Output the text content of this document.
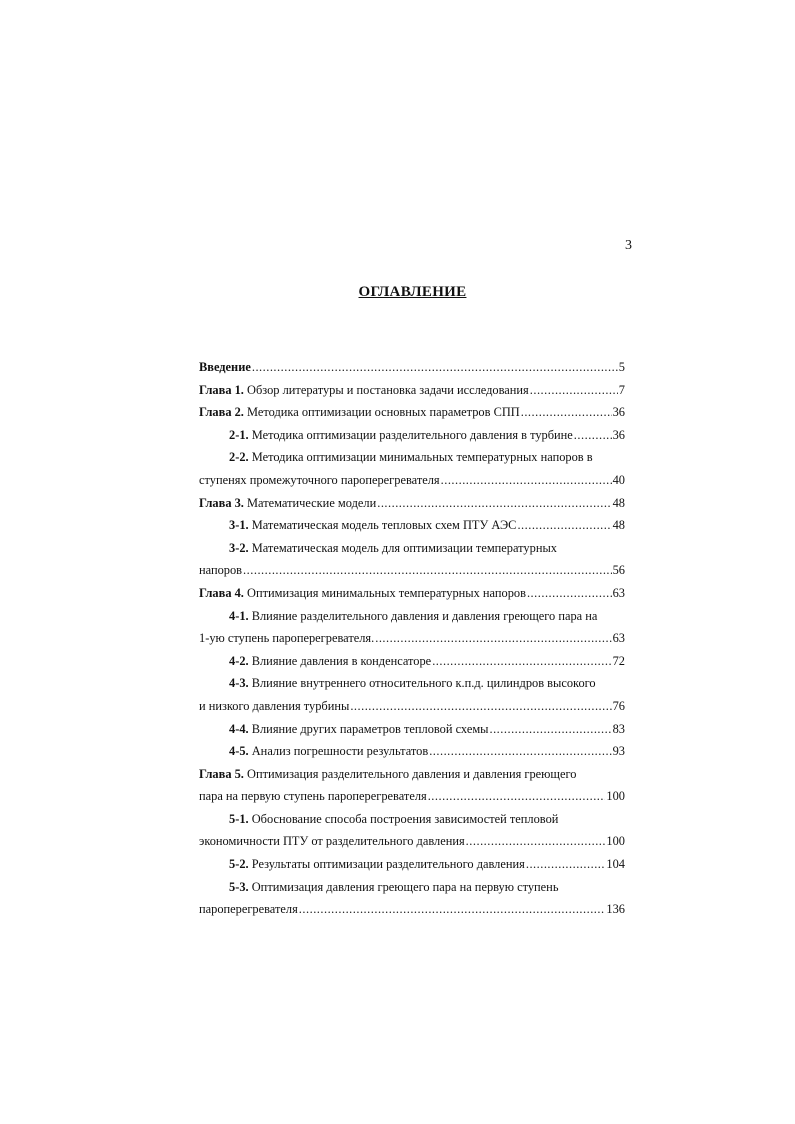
3
ОГЛАВЛЕНИЕ
Введение .....	5
Глава 1. Обзор литературы и постановка задачи исследования .....	7
Глава 2. Методика оптимизации основных параметров СПП .....	36
2-1. Методика оптимизации разделительного давления в турбине .....	36
2-2. Методика оптимизации минимальных температурных напоров в
ступенях промежуточного пароперегревателя .....	40
Глава 3. Математические модели .....	48
3-1. Математическая модель тепловых схем ПТУ АЭС .....	48
3-2. Математическая модель для оптимизации температурных
напоров .....	56
Глава 4. Оптимизация минимальных температурных напоров .....	63
4-1. Влияние разделительного давления и давления греющего пара на
1-ую ступень пароперегревателя. .....	63
4-2. Влияние давления в конденсаторе .....	72
4-3. Влияние внутреннего относительного к.п.д. цилиндров высокого
и низкого давления турбины .....	76
4-4. Влияние других параметров тепловой схемы .....	83
4-5. Анализ погрешности результатов .....	93
Глава 5. Оптимизация разделительного давления и давления греющего
пара на первую ступень пароперегревателя .....	100
5-1. Обоснование способа построения зависимостей тепловой
экономичности ПТУ от разделительного давления .....	100
5-2. Результаты оптимизации разделительного давления .....	104
5-3. Оптимизация давления греющего пара на первую ступень
пароперегревателя .....	136
